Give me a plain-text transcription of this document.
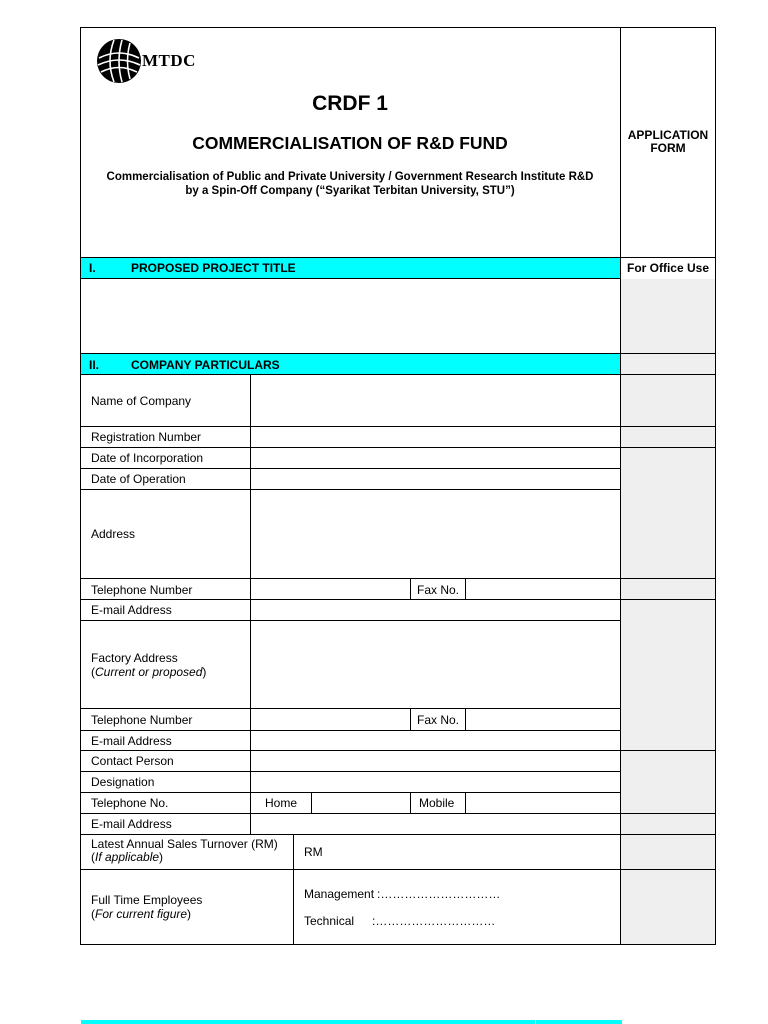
MTDC
CRDF 1
COMMERCIALISATION OF R&D FUND
Commercialisation of Public and Private University / Government Research Institute R&D
by a Spin-Off Company (“Syarikat Terbitan University, STU”)
APPLICATION
FORM
I.	PROPOSED PROJECT TITLE	For Office Use
II.	COMPANY PARTICULARS
Name of Company
Registration Number
Date of Incorporation
Date of Operation
Address
Telephone Number	Fax No.
E-mail Address
Factory Address
(Current or proposed)
Telephone Number	Fax No.
E-mail Address
Contact Person
Designation
Telephone No.	Home	Mobile
E-mail Address
Latest Annual Sales Turnover (RM)
(If applicable)	RM
Full Time Employees
(For current figure)
Management :…………………………
Technical :…………………………
